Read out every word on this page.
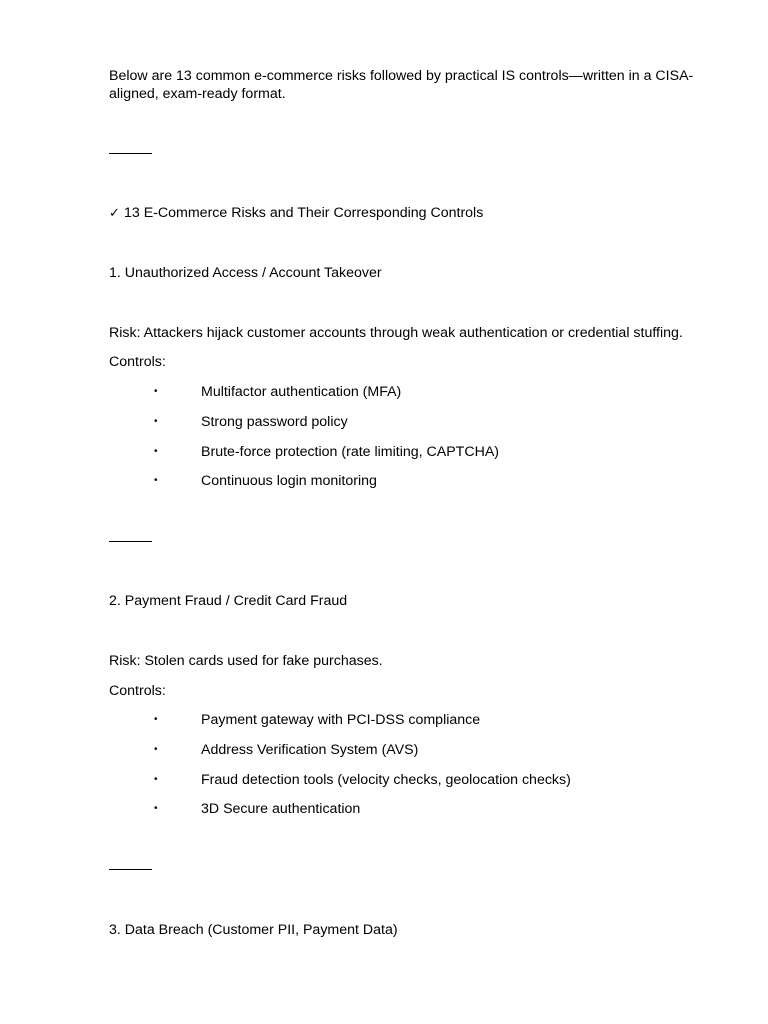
Below are 13 common e-commerce risks followed by practical IS controls—written in a CISA-aligned, exam-ready format.
✓ 13 E-Commerce Risks and Their Corresponding Controls
1. Unauthorized Access / Account Takeover
Risk: Attackers hijack customer accounts through weak authentication or credential stuffing.
Controls:
•	Multifactor authentication (MFA)
•	Strong password policy
•	Brute-force protection (rate limiting, CAPTCHA)
•	Continuous login monitoring
2. Payment Fraud / Credit Card Fraud
Risk: Stolen cards used for fake purchases.
Controls:
•	Payment gateway with PCI-DSS compliance
•	Address Verification System (AVS)
•	Fraud detection tools (velocity checks, geolocation checks)
•	3D Secure authentication
3. Data Breach (Customer PII, Payment Data)
